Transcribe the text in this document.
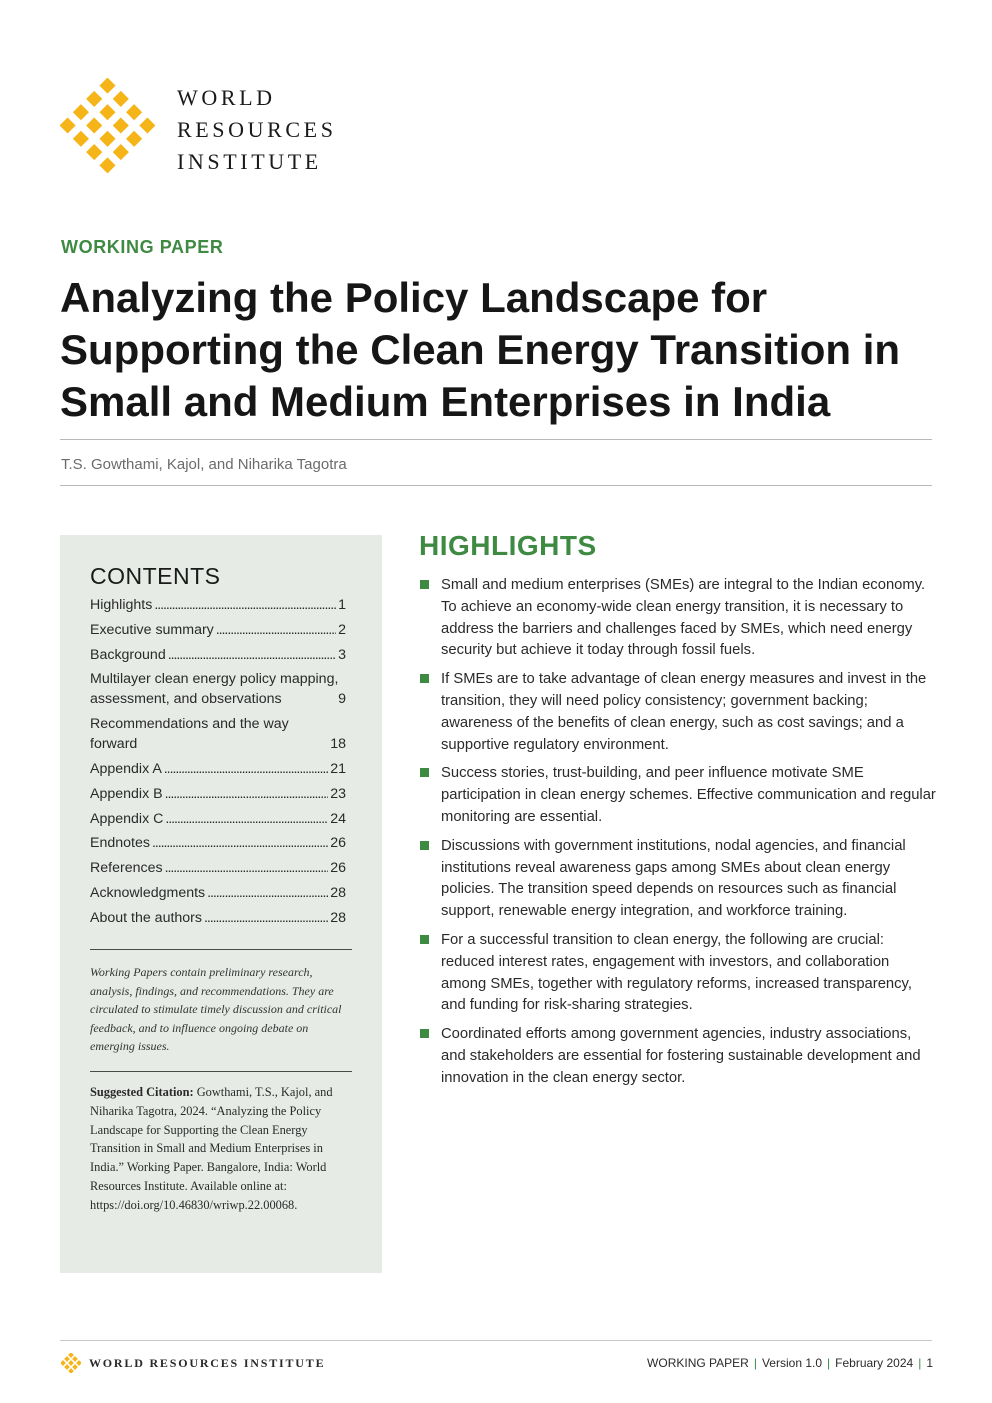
WORLD
RESOURCES
INSTITUTE
WORKING PAPER
Analyzing the Policy Landscape for Supporting the Clean Energy Transition in Small and Medium Enterprises in India
T.S. Gowthami, Kajol, and Niharika Tagotra
CONTENTS
Highlights . . .	1
Executive summary . . .	2
Background . . .	3
Multilayer clean energy policy mapping,
assessment, and observations	9
Recommendations and the way
forward	18
Appendix A . . .	21
Appendix B . . .	23
Appendix C . . .	24
Endnotes . . .	26
References . . .	26
Acknowledgments . . .	28
About the authors . . .	28
Working Papers contain preliminary research, analysis, findings, and recommendations. They are circulated to stimulate timely discussion and critical feedback, and to influence ongoing debate on emerging issues.
Suggested Citation: Gowthami, T.S., Kajol, and Niharika Tagotra, 2024. “Analyzing the Policy Landscape for Supporting the Clean Energy Transition in Small and Medium Enterprises in India.” Working Paper. Bangalore, India: World Resources Institute. Available online at: https://doi.org/10.46830/wriwp.22.00068.
HIGHLIGHTS
Small and medium enterprises (SMEs) are integral to the Indian economy. To achieve an economy-wide clean energy transition, it is necessary to address the barriers and challenges faced by SMEs, which need energy security but achieve it today through fossil fuels.
If SMEs are to take advantage of clean energy measures and invest in the transition, they will need policy consistency; government backing; awareness of the benefits of clean energy, such as cost savings; and a supportive regulatory environment.
Success stories, trust-building, and peer influence motivate SME participation in clean energy schemes. Effective communication and regular monitoring are essential.
Discussions with government institutions, nodal agencies, and financial institutions reveal awareness gaps among SMEs about clean energy policies. The transition speed depends on resources such as financial support, renewable energy integration, and workforce training.
For a successful transition to clean energy, the following are crucial: reduced interest rates, engagement with investors, and collaboration among SMEs, together with regulatory reforms, increased transparency, and funding for risk-sharing strategies.
Coordinated efforts among government agencies, industry associations, and stakeholders are essential for fostering sustainable development and innovation in the clean energy sector.
WORLD RESOURCES INSTITUTE	WORKING PAPER | Version 1.0 | February 2024 | 1
